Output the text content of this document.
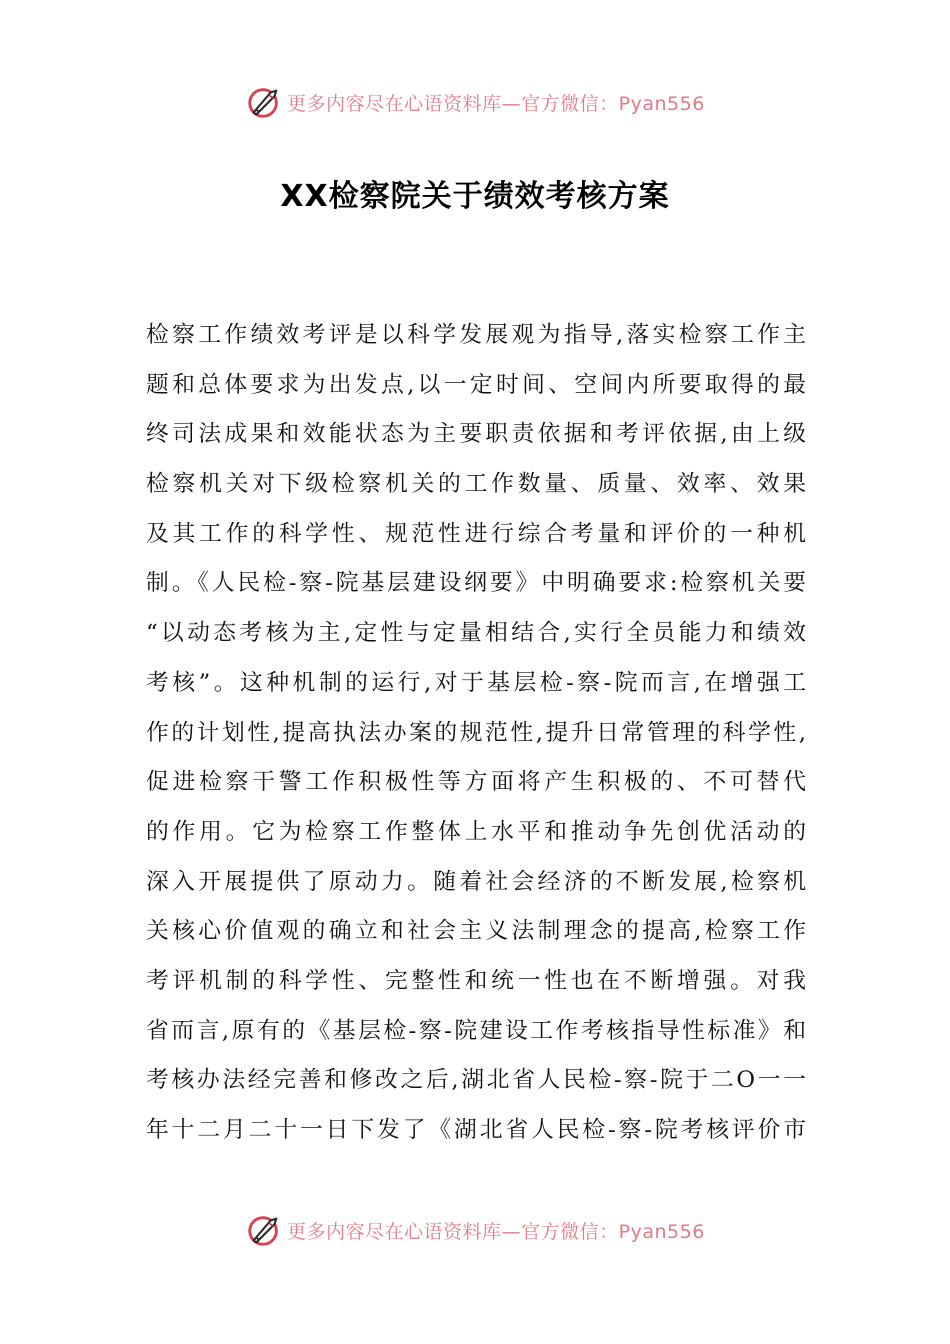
更多内容尽在心语资料库—官方微信：Pyan556
XX检察院关于绩效考核方案
检察工作绩效考评是以科学发展观为指导,落实检察工作主
题和总体要求为出发点,以一定时间、空间内所要取得的最
终司法成果和效能状态为主要职责依据和考评依据,由上级
检察机关对下级检察机关的工作数量、质量、效率、效果
及其工作的科学性、规范性进行综合考量和评价的一种机
制。《人民检-察-院基层建设纲要》中明确要求:检察机关要
“以动态考核为主,定性与定量相结合,实行全员能力和绩效
考核”。这种机制的运行,对于基层检-察-院而言,在增强工
作的计划性,提高执法办案的规范性,提升日常管理的科学性,
促进检察干警工作积极性等方面将产生积极的、不可替代
的作用。它为检察工作整体上水平和推动争先创优活动的
深入开展提供了原动力。随着社会经济的不断发展,检察机
关核心价值观的确立和社会主义法制理念的提高,检察工作
考评机制的科学性、完整性和统一性也在不断增强。对我
省而言,原有的《基层检-察-院建设工作考核指导性标准》和
考核办法经完善和修改之后,湖北省人民检-察-院于二O一一
年十二月二十一日下发了《湖北省人民检-察-院考核评价市
更多内容尽在心语资料库—官方微信：Pyan556
